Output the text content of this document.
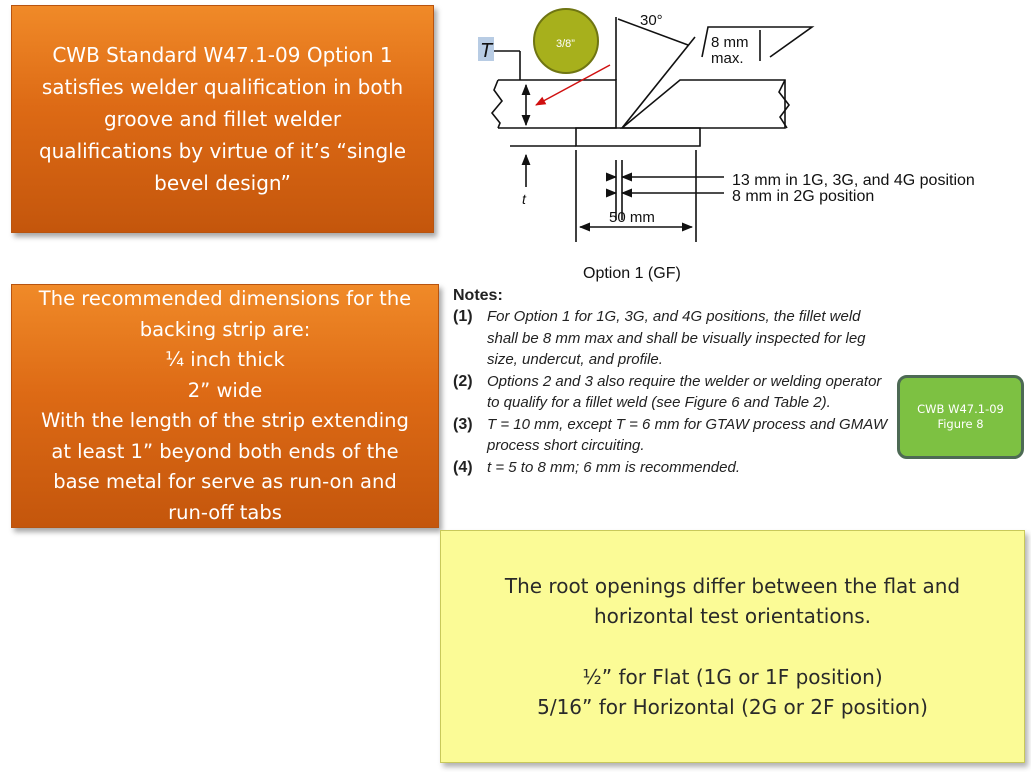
CWB Standard W47.1-09 Option 1
satisfies welder qualification in both
groove and fillet welder
qualifications by virtue of it’s “single
bevel design”
The recommended dimensions for the
backing strip are:
¼ inch thick
2” wide
With the length of the strip extending
at least 1” beyond both ends of the
base metal for serve as run-on and
run-off tabs
T
t
30°
8 mm
max.
13 mm in 1G, 3G, and 4G position
8 mm in 2G position
50 mm
Option 1 (GF)
3/8”
Notes:
(1) For Option 1 for 1G, 3G, and 4G positions, the fillet weld shall be 8 mm max and shall be visually inspected for leg size, undercut, and profile.
(2) Options 2 and 3 also require the welder or welding operator to qualify for a fillet weld (see Figure 6 and Table 2).
(3) T = 10 mm, except T = 6 mm for GTAW process and GMAW process short circuiting.
(4) t = 5 to 8 mm; 6 mm is recommended.
CWB W47.1-09
Figure 8
The root openings differ between the flat and
horizontal test orientations.
½” for Flat (1G or 1F position)
5/16” for Horizontal (2G or 2F position)
